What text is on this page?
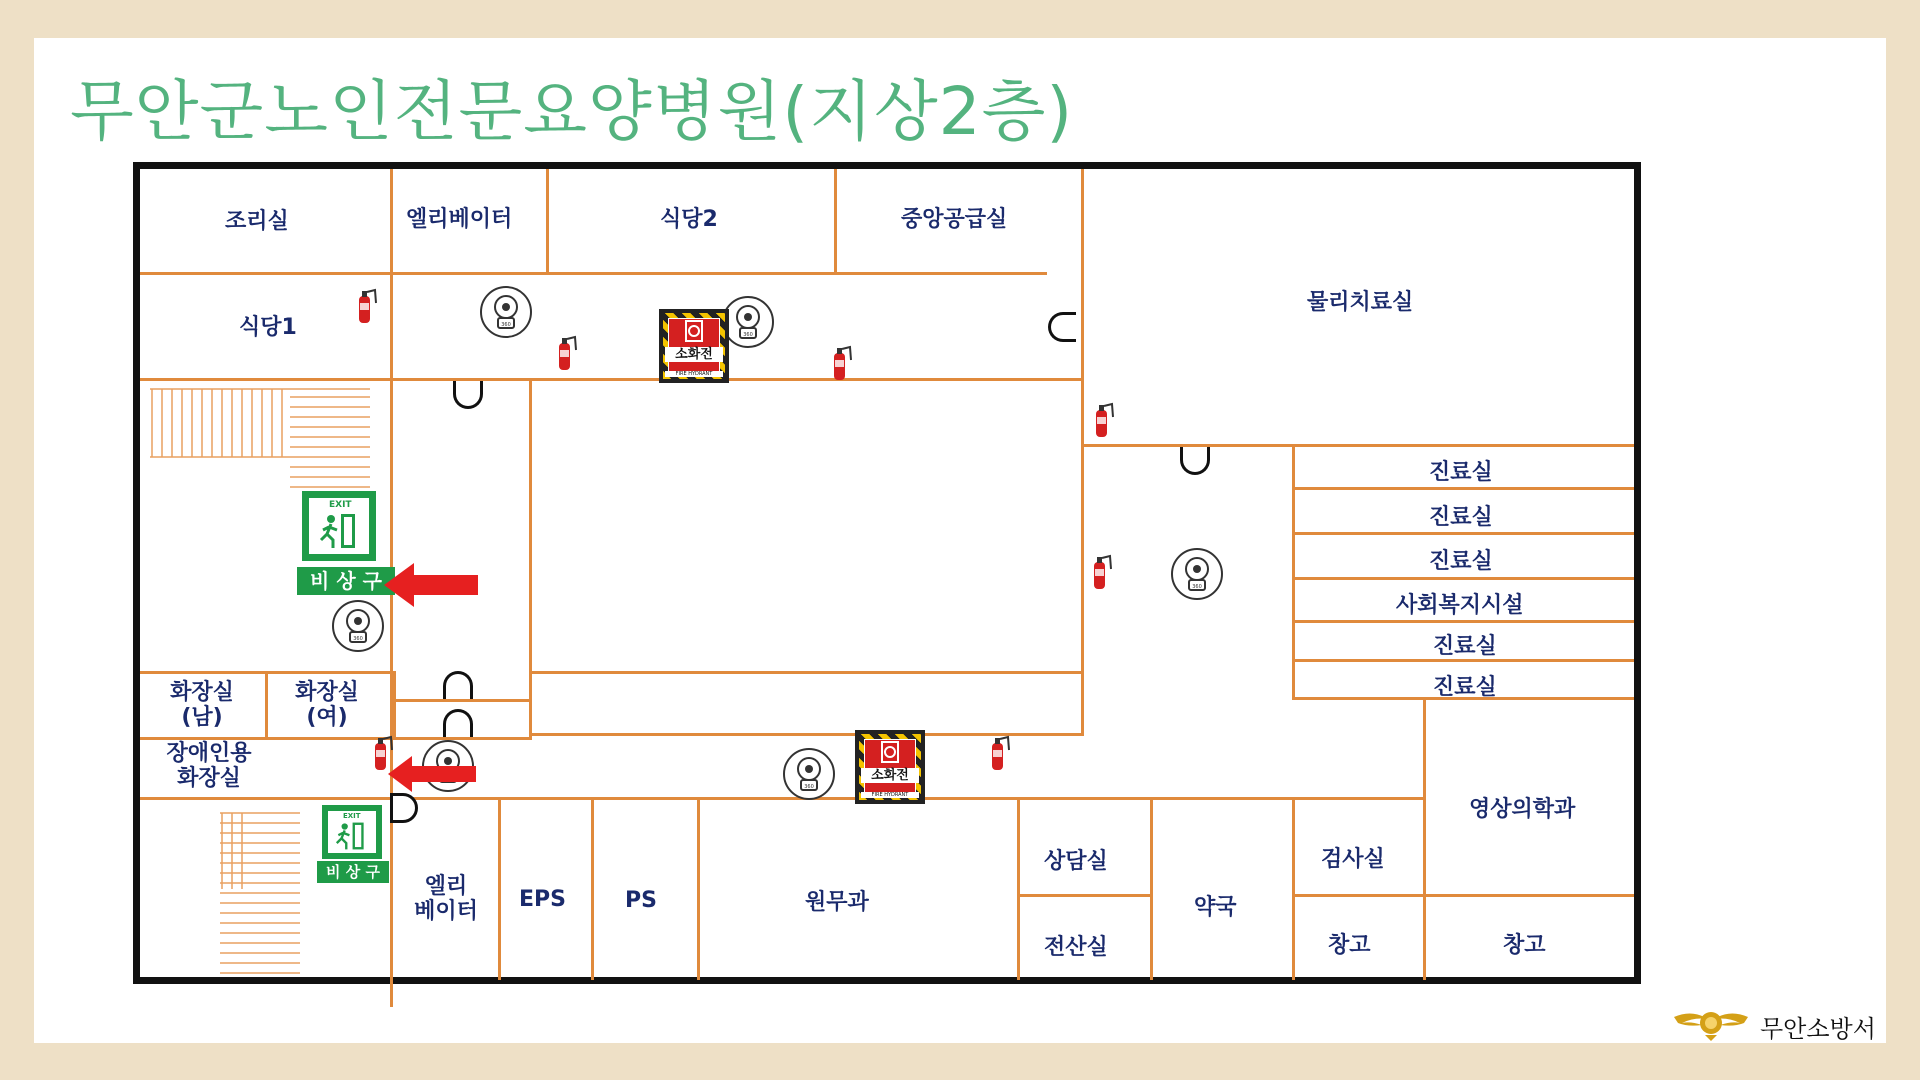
무안군노인전문요양병원(지상2층)
조리실	엘리베이터	식당2	중앙공급실
식당1
물리치료실
진료실
진료실
진료실
사회복지시설
진료실
진료실
화장실
(남)
화장실
(여)
장애인용
화장실
엘리
베이터	EPS	PS	원무과
상담실
전산실
약국
검사실
창고
영상의학과
창고
360
360
360
360
360
소화전
FIRE HYDRANT
소화전
FIRE HYDRANT
EXIT
비 상 구
EXIT
비 상 구
무안소방서
